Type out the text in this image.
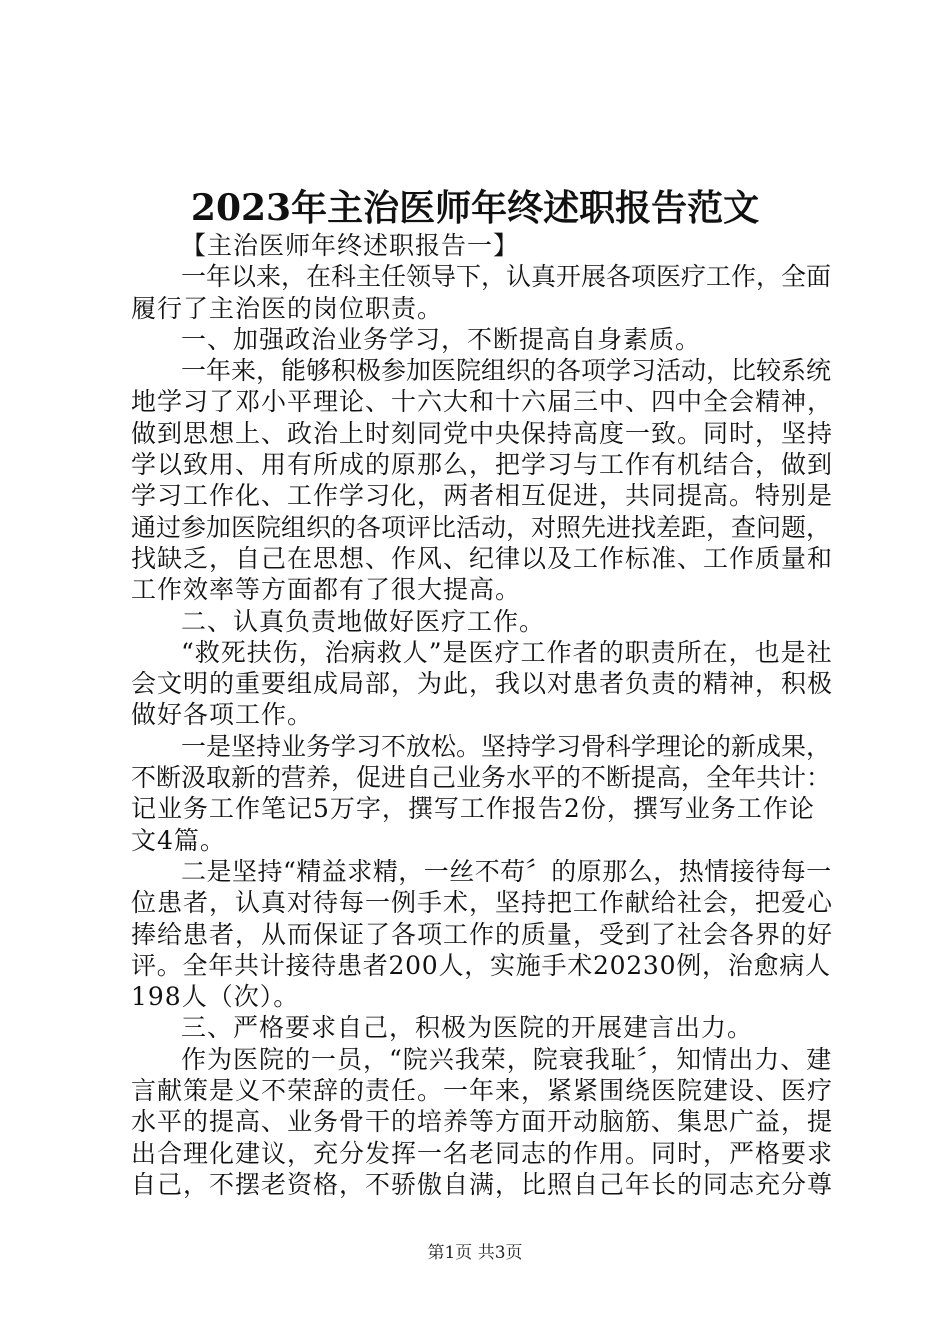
2023年主治医师年终述职报告范文
【主治医师年终述职报告一】
一年以来，在科主任领导下，认真开展各项医疗工作，全面
履行了主治医的岗位职责。
一、加强政治业务学习，不断提高自身素质。
一年来，能够积极参加医院组织的各项学习活动，比较系统
地学习了邓小平理论、十六大和十六届三中、四中全会精神，
做到思想上、政治上时刻同党中央保持高度一致。同时，坚持
学以致用、用有所成的原那么，把学习与工作有机结合，做到
学习工作化、工作学习化，两者相互促进，共同提高。特别是
通过参加医院组织的各项评比活动，对照先进找差距，查问题，
找缺乏，自己在思想、作风、纪律以及工作标准、工作质量和
工作效率等方面都有了很大提高。
二、认真负责地做好医疗工作。
“救死扶伤，治病救人”是医疗工作者的职责所在，也是社
会文明的重要组成局部，为此，我以对患者负责的精神，积极
做好各项工作。
一是坚持业务学习不放松。坚持学习骨科学理论的新成果，
不断汲取新的营养，促进自己业务水平的不断提高，全年共计：
记业务工作笔记5万字，撰写工作报告2份，撰写业务工作论
文4篇。
二是坚持“精益求精，一丝不苟〞的原那么，热情接待每一
位患者，认真对待每一例手术，坚持把工作献给社会，把爱心
捧给患者，从而保证了各项工作的质量，受到了社会各界的好
评。全年共计接待患者200人，实施手术20230例，治愈病人
198人（次）。
三、严格要求自己，积极为医院的开展建言出力。
作为医院的一员，“院兴我荣，院衰我耻〞，知情出力、建
言献策是义不荣辞的责任。一年来，紧紧围绕医院建设、医疗
水平的提高、业务骨干的培养等方面开动脑筋、集思广益，提
出合理化建议，充分发挥一名老同志的作用。同时，严格要求
自己，不摆老资格，不骄傲自满，比照自己年长的同志充分尊
第1页 共3页
